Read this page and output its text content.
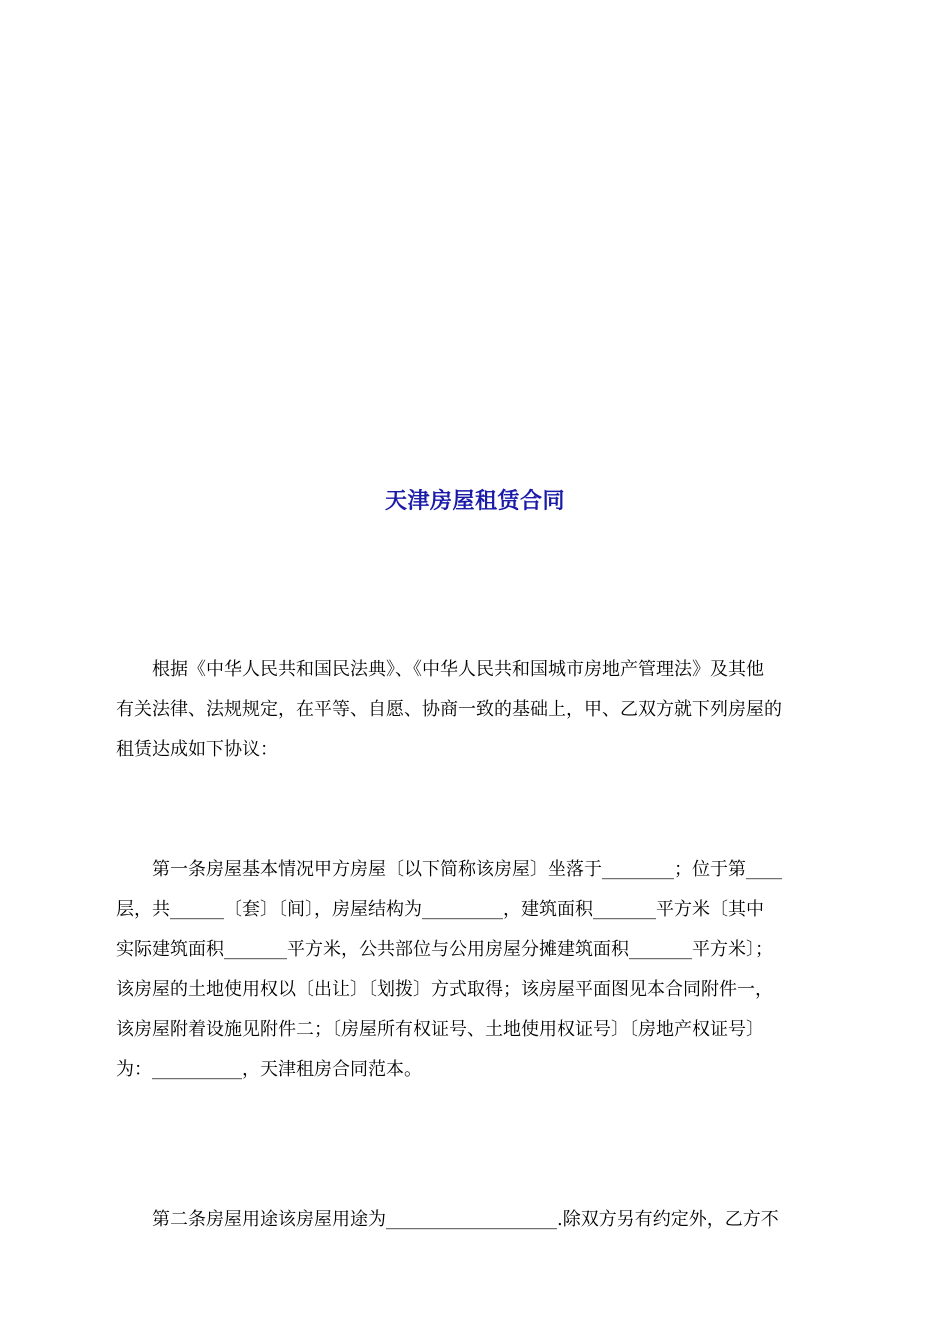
天津房屋租赁合同
根据《中华人民共和国民法典》、《中华人民共和国城市房地产管理法》及其他
有关法律、法规规定，在平等、自愿、协商一致的基础上，甲、乙双方就下列房屋的
租赁达成如下协议：
第一条房屋基本情况甲方房屋〔以下简称该房屋〕坐落于________；位于第____
层，共______〔套〕〔间〕，房屋结构为_________，建筑面积_______平方米〔其中
实际建筑面积_______平方米，公共部位与公用房屋分摊建筑面积_______平方米〕；
该房屋的土地使用权以〔出让〕〔划拨〕方式取得；该房屋平面图见本合同附件一，
该房屋附着设施见附件二；〔房屋所有权证号、土地使用权证号〕〔房地产权证号〕
为：__________，天津租房合同范本。
第二条房屋用途该房屋用途为___________________.除双方另有约定外，乙方不
